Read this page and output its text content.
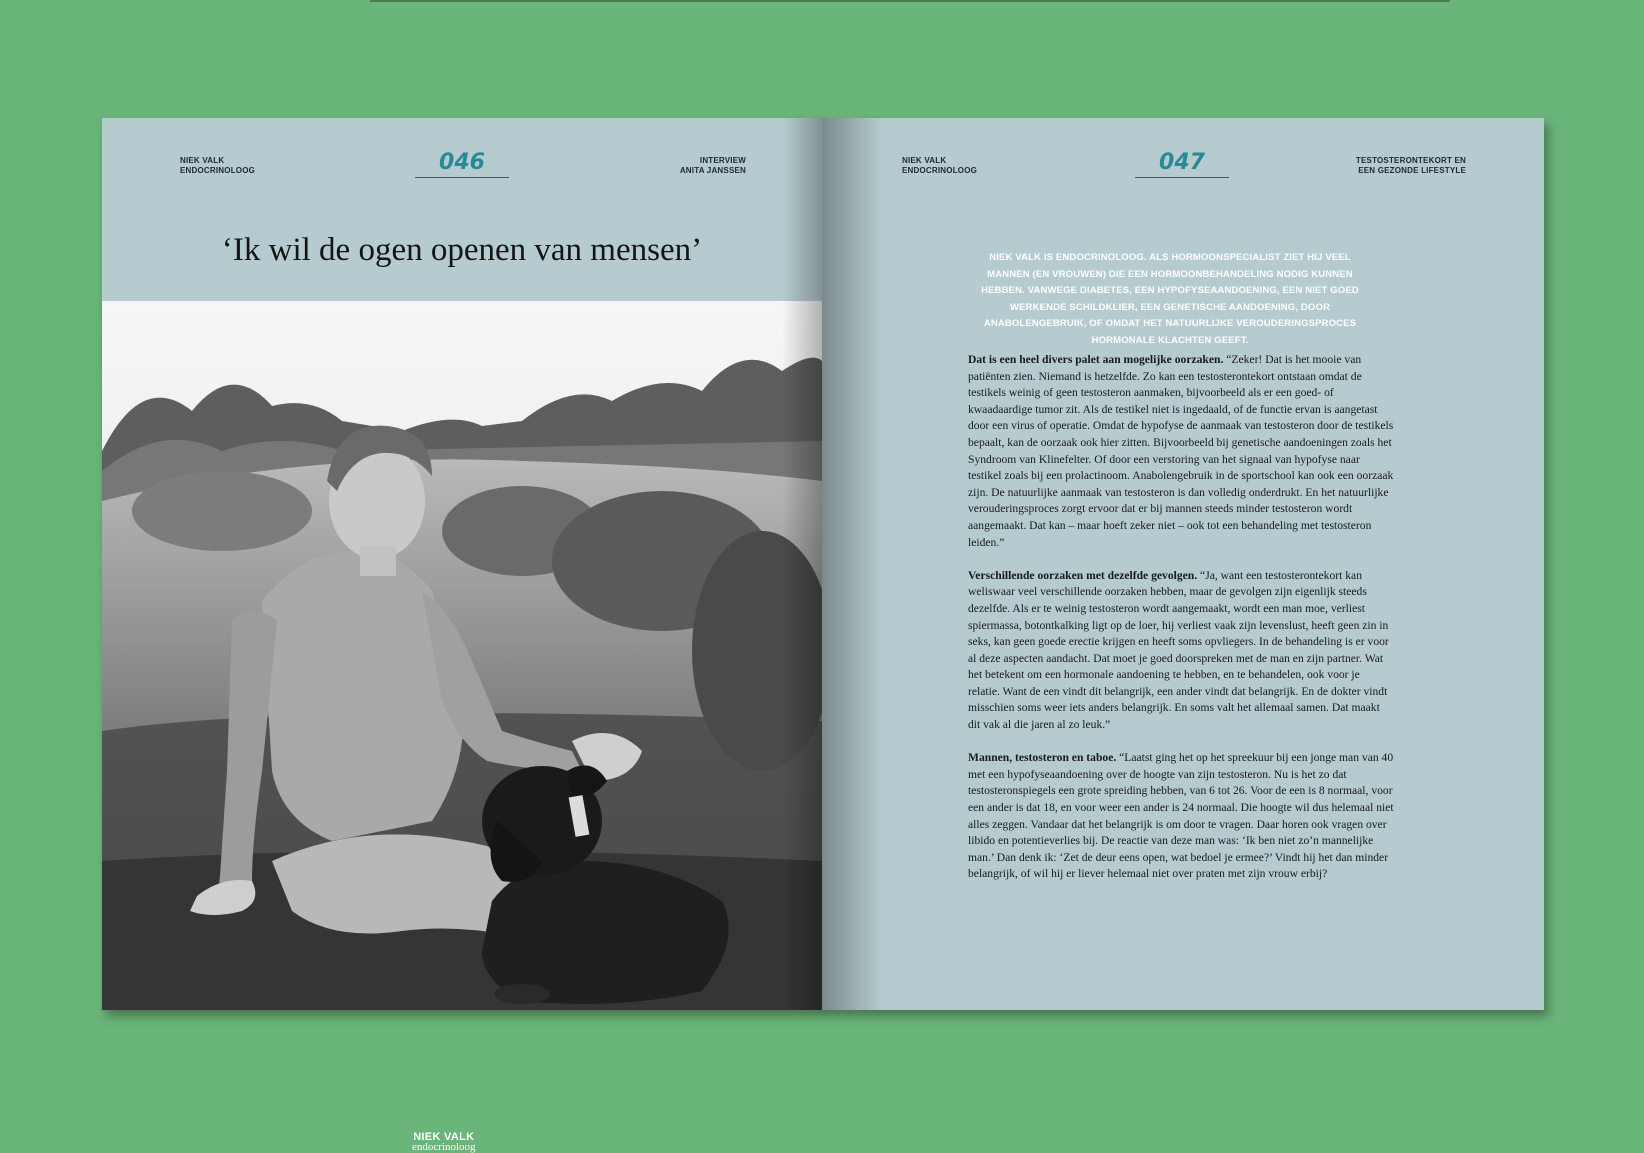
NIEK VALK
ENDOCRINOLOOG	046	INTERVIEW
ANITA JANSSEN
‘Ik wil de ogen openen van mensen’
NIEK VALK
endocrinoloog
NIEK VALK
ENDOCRINOLOOG	047	TESTOSTERONTEKORT EN
EEN GEZONDE LIFESTYLE
NIEK VALK IS ENDOCRINOLOOG. ALS HORMOONSPECIALIST ZIET HIJ VEEL MANNEN (EN VROUWEN) DIE EEN HORMOONBEHANDELING NODIG KUNNEN HEBBEN. VANWEGE DIABETES, EEN HYPOFYSEAANDOENING, EEN NIET GOED WERKENDE SCHILDKLIER, EEN GENETISCHE AANDOENING, DOOR ANABOLENGEBRUIK, OF OMDAT HET NATUURLIJKE VEROUDERINGSPROCES HORMONALE KLACHTEN GEEFT.

Dat is een heel divers palet aan mogelijke oorzaken. “Zeker! Dat is het mooie van patiënten zien. Niemand is hetzelfde. Zo kan een testosterontekort ontstaan omdat de testikels weinig of geen testosteron aanmaken, bijvoorbeeld als er een goed- of kwaadaardige tumor zit. Als de testikel niet is ingedaald, of de functie ervan is aangetast door een virus of operatie. Omdat de hypofyse de aanmaak van testosteron door de testikels bepaalt, kan de oorzaak ook hier zitten. Bijvoorbeeld bij genetische aandoeningen zoals het Syndroom van Klinefelter. Of door een verstoring van het signaal van hypofyse naar testikel zoals bij een prolactinoom. Anabolengebruik in de sportschool kan ook een oorzaak zijn. De natuurlijke aanmaak van testosteron is dan volledig onderdrukt. En het natuurlijke verouderingsproces zorgt ervoor dat er bij mannen steeds minder testosteron wordt aangemaakt. Dat kan – maar hoeft zeker niet – ook tot een behandeling met testosteron leiden.”

Verschillende oorzaken met dezelfde gevolgen. “Ja, want een testosterontekort kan weliswaar veel verschillende oorzaken hebben, maar de gevolgen zijn eigenlijk steeds dezelfde. Als er te weinig testosteron wordt aangemaakt, wordt een man moe, verliest spiermassa, botontkalking ligt op de loer, hij verliest vaak zijn levenslust, heeft geen zin in seks, kan geen goede erectie krijgen en heeft soms opvliegers. In de behandeling is er voor al deze aspecten aandacht. Dat moet je goed doorspreken met de man en zijn partner. Wat het betekent om een hormonale aandoening te hebben, en te behandelen, ook voor je relatie. Want de een vindt dit belangrijk, een ander vindt dat belangrijk. En de dokter vindt misschien soms weer iets anders belangrijk. En soms valt het allemaal samen. Dat maakt dit vak al die jaren al zo leuk.”

Mannen, testosteron en taboe. “Laatst ging het op het spreekuur bij een jonge man van 40 met een hypofyseaandoening over de hoogte van zijn testosteron. Nu is het zo dat testosteronspiegels een grote spreiding hebben, van 6 tot 26. Voor de een is 8 normaal, voor een ander is dat 18, en voor weer een ander is 24 normaal. Die hoogte wil dus helemaal niet alles zeggen. Vandaar dat het belangrijk is om door te vragen. Daar horen ook vragen over libido en potentieverlies bij. De reactie van deze man was: ‘Ik ben niet zo’n mannelijke man.’ Dan denk ik: ‘Zet de deur eens open, wat bedoel je ermee?’ Vindt hij het dan minder belangrijk, of wil hij er liever helemaal niet over praten met zijn vrouw erbij?
